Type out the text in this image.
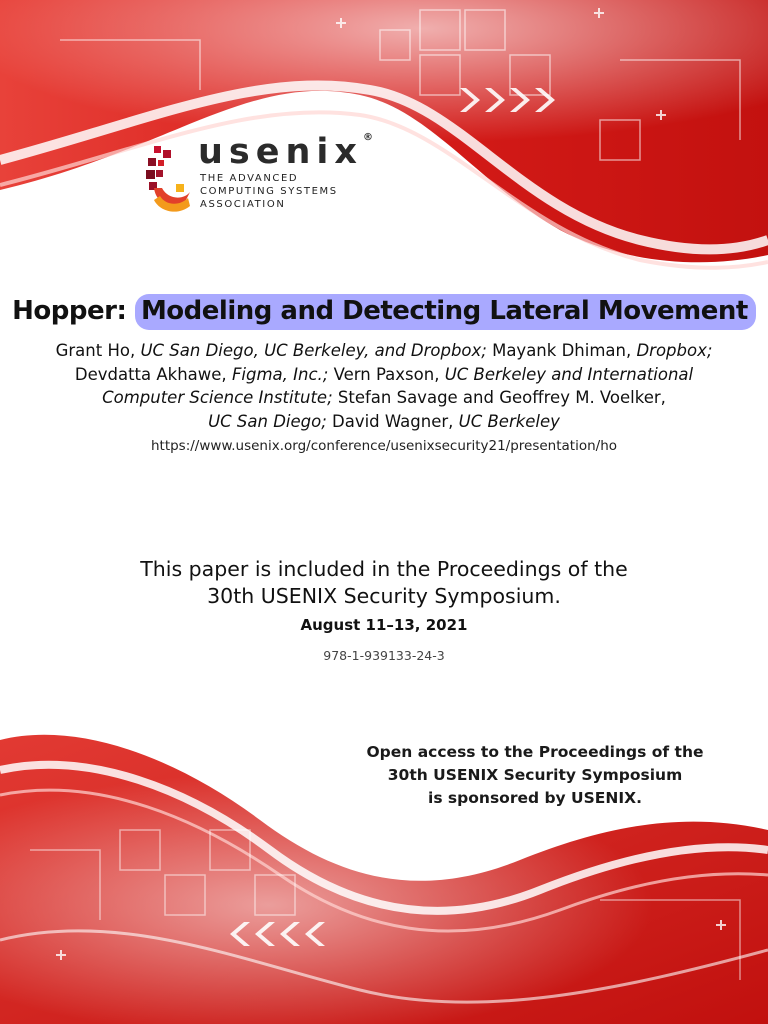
usenix®
THE ADVANCED
COMPUTING SYSTEMS
ASSOCIATION
Hopper: Modeling and Detecting Lateral Movement
Grant Ho, UC San Diego, UC Berkeley, and Dropbox; Mayank Dhiman, Dropbox;
Devdatta Akhawe, Figma, Inc.; Vern Paxson, UC Berkeley and International
Computer Science Institute; Stefan Savage and Geoffrey M. Voelker,
UC San Diego; David Wagner, UC Berkeley
https://www.usenix.org/conference/usenixsecurity21/presentation/ho
This paper is included in the Proceedings of the
30th USENIX Security Symposium.
August 11–13, 2021
978-1-939133-24-3
Open access to the Proceedings of the
30th USENIX Security Symposium
is sponsored by USENIX.
